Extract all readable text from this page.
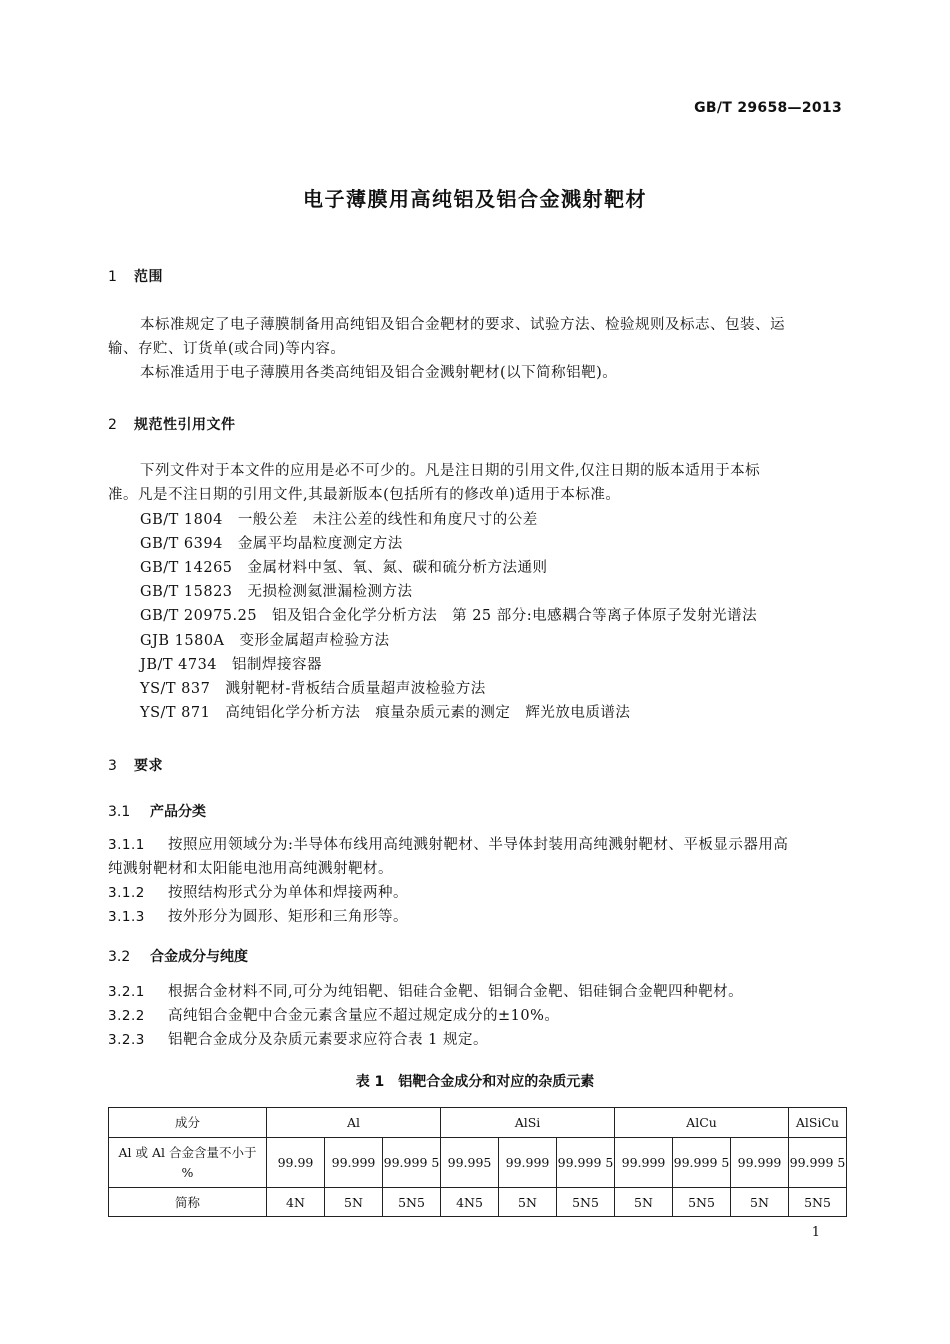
GB/T 29658—2013
电子薄膜用高纯铝及铝合金溅射靶材
1 范围
本标准规定了电子薄膜制备用高纯铝及铝合金靶材的要求、试验方法、检验规则及标志、包装、运
输、存贮、订货单(或合同)等内容。
本标准适用于电子薄膜用各类高纯铝及铝合金溅射靶材(以下简称铝靶)。
2 规范性引用文件
下列文件对于本文件的应用是必不可少的。凡是注日期的引用文件,仅注日期的版本适用于本标
准。凡是不注日期的引用文件,其最新版本(包括所有的修改单)适用于本标准。
GB/T 1804　 一般公差　未注公差的线性和角度尺寸的公差
GB/T 6394　 金属平均晶粒度测定方法
GB/T 14265　 金属材料中氢、氧、氮、碳和硫分析方法通则
GB/T 15823　 无损检测氦泄漏检测方法
GB/T 20975.25　 铝及铝合金化学分析方法　第 25 部分:电感耦合等离子体原子发射光谱法
GJB 1580A　 变形金属超声检验方法
JB/T 4734　 铝制焊接容器
YS/T 837　 溅射靶材-背板结合质量超声波检验方法
YS/T 871　 高纯铝化学分析方法　痕量杂质元素的测定　辉光放电质谱法
3 要求
3.1 产品分类
3.1.1 按照应用领域分为:半导体布线用高纯溅射靶材、半导体封装用高纯溅射靶材、平板显示器用高
纯溅射靶材和太阳能电池用高纯溅射靶材。
3.1.2 按照结构形式分为单体和焊接两种。
3.1.3 按外形分为圆形、矩形和三角形等。
3.2 合金成分与纯度
3.2.1 根据合金材料不同,可分为纯铝靶、铝硅合金靶、铝铜合金靶、铝硅铜合金靶四种靶材。
3.2.2 高纯铝合金靶中合金元素含量应不超过规定成分的±10%。
3.2.3 铝靶合金成分及杂质元素要求应符合表 1 规定。
表 1　铝靶合金成分和对应的杂质元素
成分	Al			AlSi			AlCu			AlSiCu
Al 或 Al 合金含量不小于
%	99.99	99.999	99.999 5	99.995	99.999	99.999 5	99.999	99.999 5	99.999	99.999 5
简称	4N	5N	5N5	4N5	5N	5N5	5N	5N5	5N	5N5
1
